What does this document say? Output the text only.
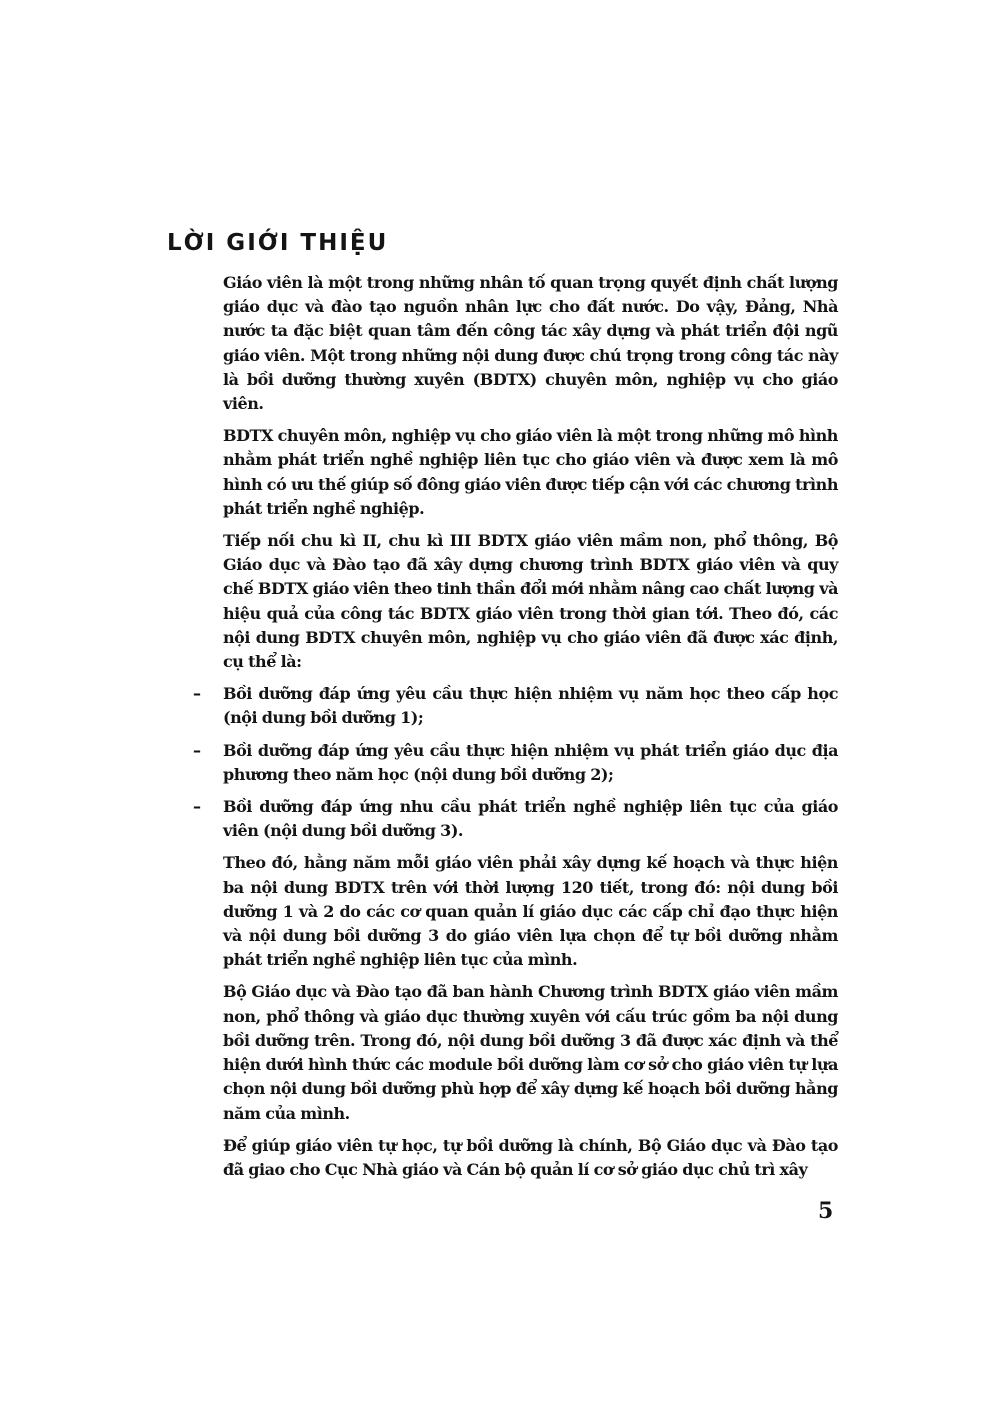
LỜI GIỚI THIỆU

Giáo viên là một trong những nhân tố quan trọng quyết định chất lượng giáo dục và đào tạo nguồn nhân lực cho đất nước. Do vậy, Đảng, Nhà nước ta đặc biệt quan tâm đến công tác xây dựng và phát triển đội ngũ giáo viên. Một trong những nội dung được chú trọng trong công tác này là bồi dưỡng thường xuyên (BDTX) chuyên môn, nghiệp vụ cho giáo viên.

BDTX chuyên môn, nghiệp vụ cho giáo viên là một trong những mô hình nhằm phát triển nghề nghiệp liên tục cho giáo viên và được xem là mô hình có ưu thế giúp số đông giáo viên được tiếp cận với các chương trình phát triển nghề nghiệp.

Tiếp nối chu kì II, chu kì III BDTX giáo viên mầm non, phổ thông, Bộ Giáo dục và Đào tạo đã xây dựng chương trình BDTX giáo viên và quy chế BDTX giáo viên theo tinh thần đổi mới nhằm nâng cao chất lượng và hiệu quả của công tác BDTX giáo viên trong thời gian tới. Theo đó, các nội dung BDTX chuyên môn, nghiệp vụ cho giáo viên đã được xác định, cụ thể là:

– Bồi dưỡng đáp ứng yêu cầu thực hiện nhiệm vụ năm học theo cấp học (nội dung bồi dưỡng 1);
– Bồi dưỡng đáp ứng yêu cầu thực hiện nhiệm vụ phát triển giáo dục địa phương theo năm học (nội dung bồi dưỡng 2);
– Bồi dưỡng đáp ứng nhu cầu phát triển nghề nghiệp liên tục của giáo viên (nội dung bồi dưỡng 3).

Theo đó, hằng năm mỗi giáo viên phải xây dựng kế hoạch và thực hiện ba nội dung BDTX trên với thời lượng 120 tiết, trong đó: nội dung bồi dưỡng 1 và 2 do các cơ quan quản lí giáo dục các cấp chỉ đạo thực hiện và nội dung bồi dưỡng 3 do giáo viên lựa chọn để tự bồi dưỡng nhằm phát triển nghề nghiệp liên tục của mình.

Bộ Giáo dục và Đào tạo đã ban hành Chương trình BDTX giáo viên mầm non, phổ thông và giáo dục thường xuyên với cấu trúc gồm ba nội dung bồi dưỡng trên. Trong đó, nội dung bồi dưỡng 3 đã được xác định và thể hiện dưới hình thức các module bồi dưỡng làm cơ sở cho giáo viên tự lựa chọn nội dung bồi dưỡng phù hợp để xây dựng kế hoạch bồi dưỡng hằng năm của mình.

Để giúp giáo viên tự học, tự bồi dưỡng là chính, Bộ Giáo dục và Đào tạo đã giao cho Cục Nhà giáo và Cán bộ quản lí cơ sở giáo dục chủ trì xây

5
